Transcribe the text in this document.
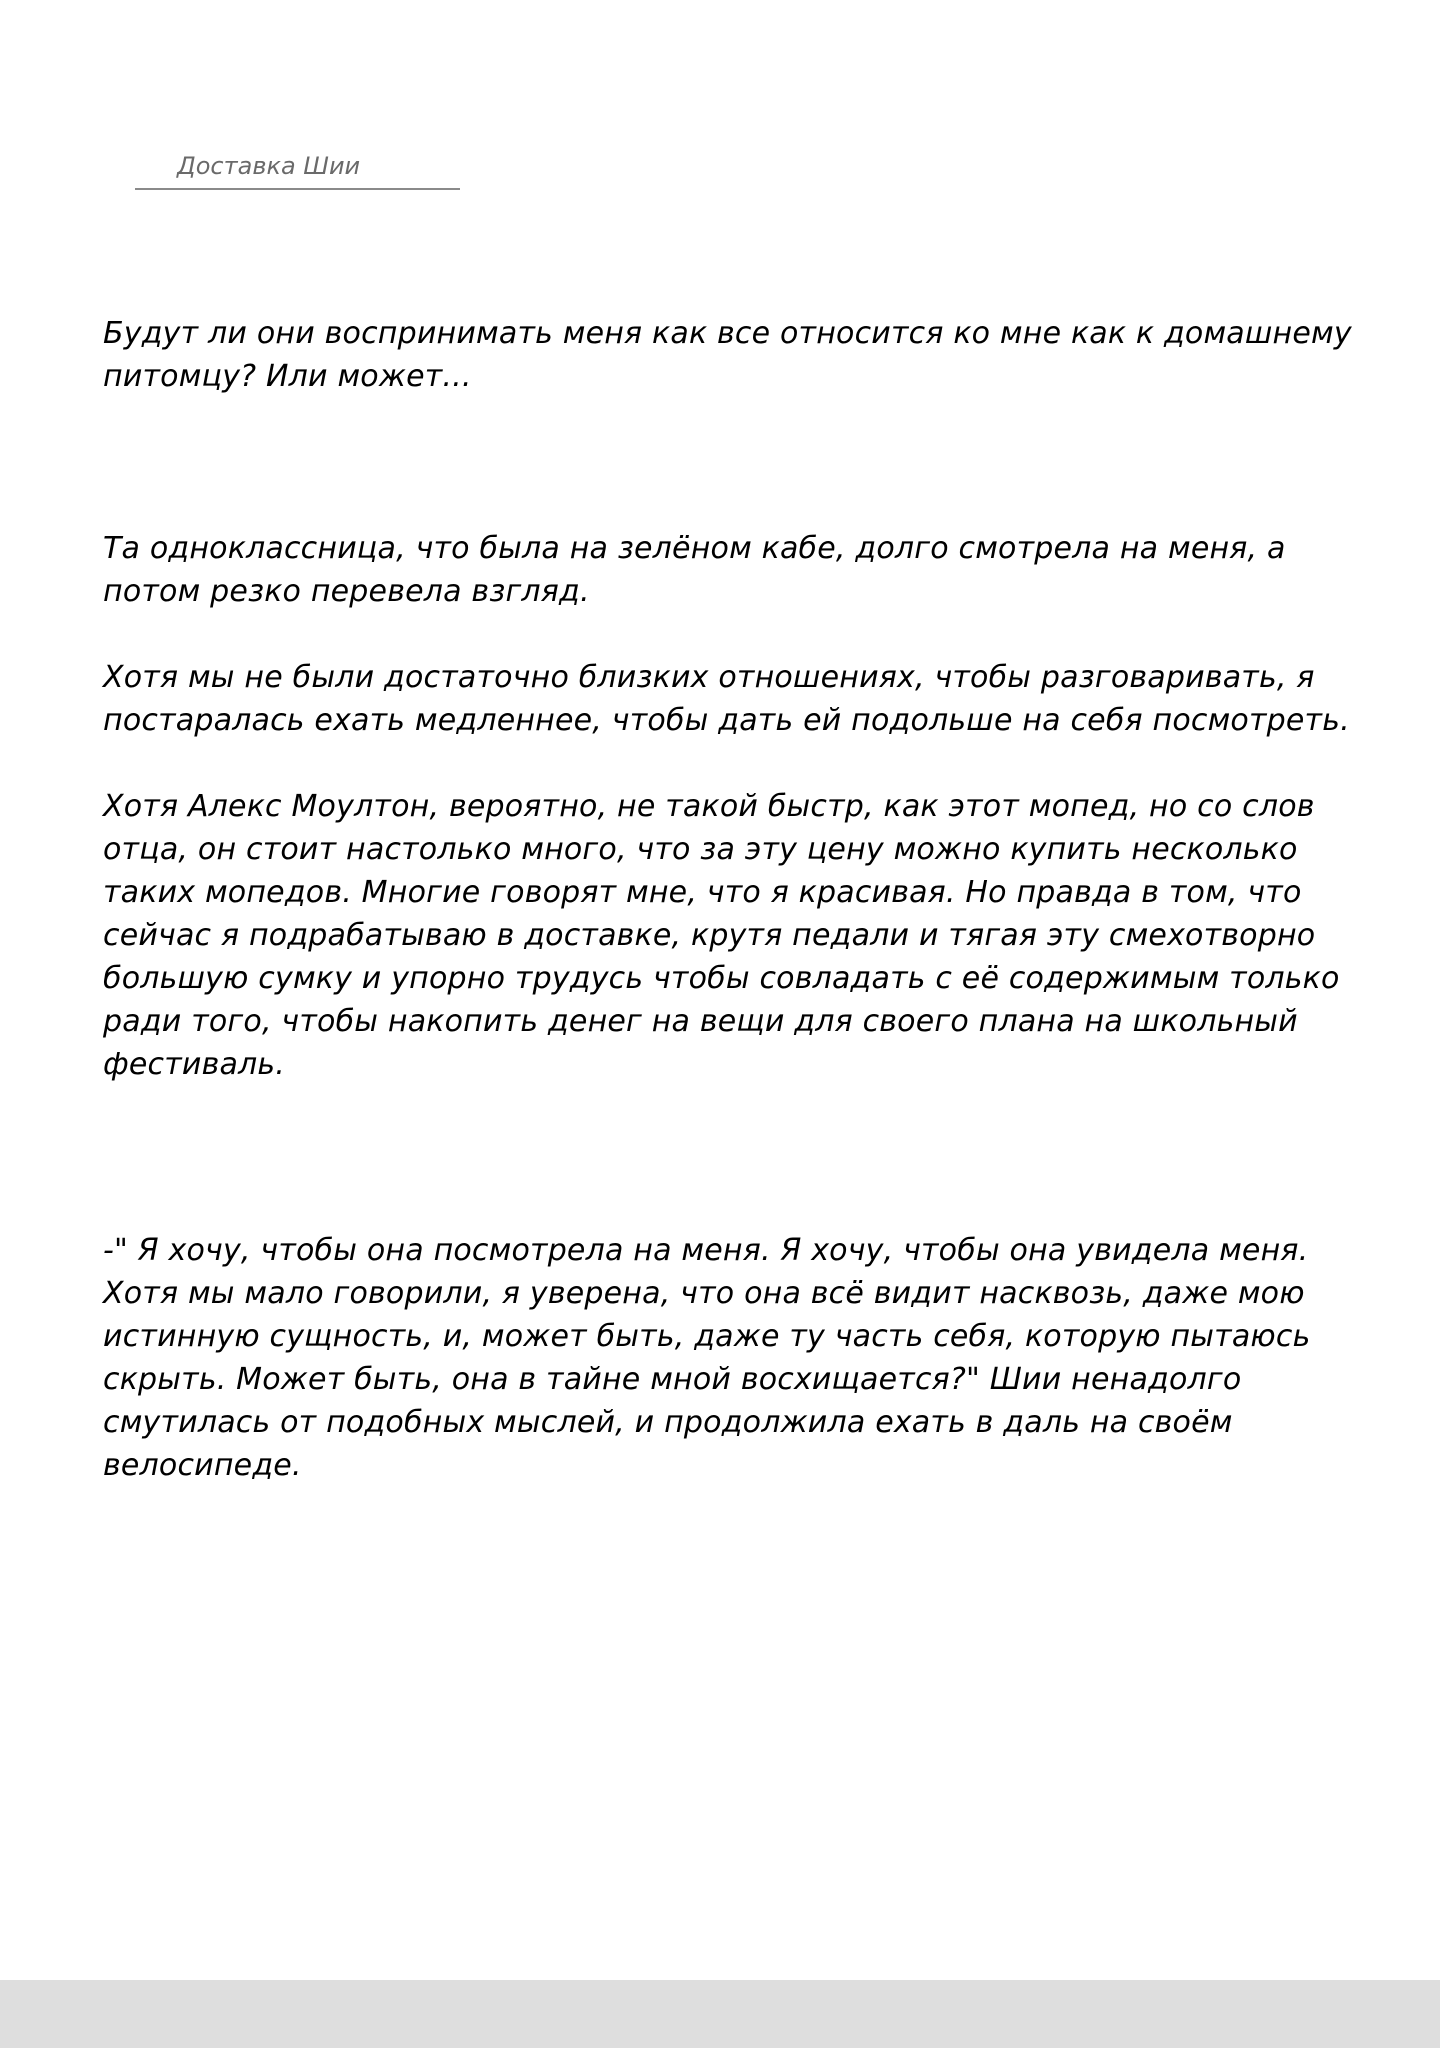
Доставка Шии

Будут ли они воспринимать меня как все относится ко мне как к домашнему питомцу? Или может...

Та одноклассница, что была на зелёном кабе, долго смотрела на меня, а потом резко перевела взгляд.

Хотя мы не были достаточно близких отношениях, чтобы разговаривать, я постаралась ехать медленнее, чтобы дать ей подольше на себя посмотреть.

Хотя Алекс Моултон, вероятно, не такой быстр, как этот мопед, но со слов отца, он стоит настолько много, что за эту цену можно купить несколько таких мопедов. Многие говорят мне, что я красивая. Но правда в том, что сейчас я подрабатываю в доставке, крутя педали и тягая эту смехотворно большую сумку и упорно трудусь чтобы совладать с её содержимым только ради того, чтобы накопить денег на вещи для своего плана на школьный фестиваль.

-" Я хочу, чтобы она посмотрела на меня. Я хочу, чтобы она увидела меня. Хотя мы мало говорили, я уверена, что она всё видит насквозь, даже мою истинную сущность, и, может быть, даже ту часть себя, которую пытаюсь скрыть. Может быть, она в тайне мной восхищается?" Шии ненадолго смутилась от подобных мыслей, и продолжила ехать в даль на своём велосипеде.
